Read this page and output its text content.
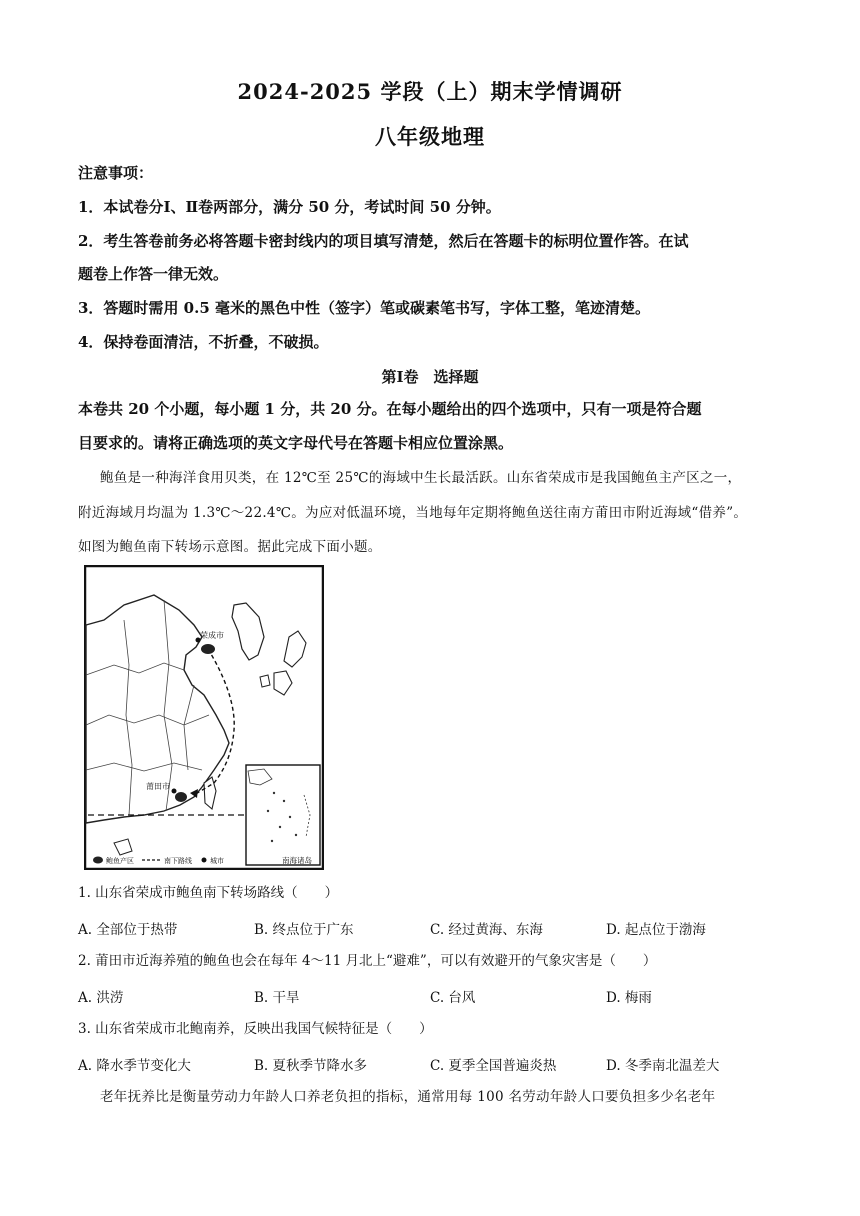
2024-2025 学段（上）期末学情调研
八年级地理
注意事项：
1．本试卷分Ⅰ、Ⅱ卷两部分，满分 50 分，考试时间 50 分钟。
2．考生答卷前务必将答题卡密封线内的项目填写清楚，然后在答题卡的标明位置作答。在试
题卷上作答一律无效。
3．答题时需用 0.5 毫米的黑色中性（签字）笔或碳素笔书写，字体工整，笔迹清楚。
4．保持卷面清洁，不折叠，不破损。
第Ⅰ卷　选择题
本卷共 20 个小题，每小题 1 分，共 20 分。在每小题给出的四个选项中，只有一项是符合题
目要求的。请将正确选项的英文字母代号在答题卡相应位置涂黑。
鲍鱼是一种海洋食用贝类，在 12℃至 25℃的海域中生长最活跃。山东省荣成市是我国鲍鱼主产区之一，
附近海域月均温为 1.3℃～22.4℃。为应对低温环境，当地每年定期将鲍鱼送往南方莆田市附近海域“借养”。
如图为鲍鱼南下转场示意图。据此完成下面小题。
荣成市
莆田市
南海诸岛
鲍鱼产区	南下路线	城市
1. 山东省荣成市鲍鱼南下转场路线（　　）
A. 全部位于热带	B. 终点位于广东	C. 经过黄海、东海	D. 起点位于渤海
2. 莆田市近海养殖的鲍鱼也会在每年 4～11 月北上“避难”，可以有效避开的气象灾害是（　　）
A. 洪涝	B. 干旱	C. 台风	D. 梅雨
3. 山东省荣成市北鲍南养，反映出我国气候特征是（　　）
A. 降水季节变化大	B. 夏秋季节降水多	C. 夏季全国普遍炎热	D. 冬季南北温差大
老年抚养比是衡量劳动力年龄人口养老负担的指标，通常用每 100 名劳动年龄人口要负担多少名老年
